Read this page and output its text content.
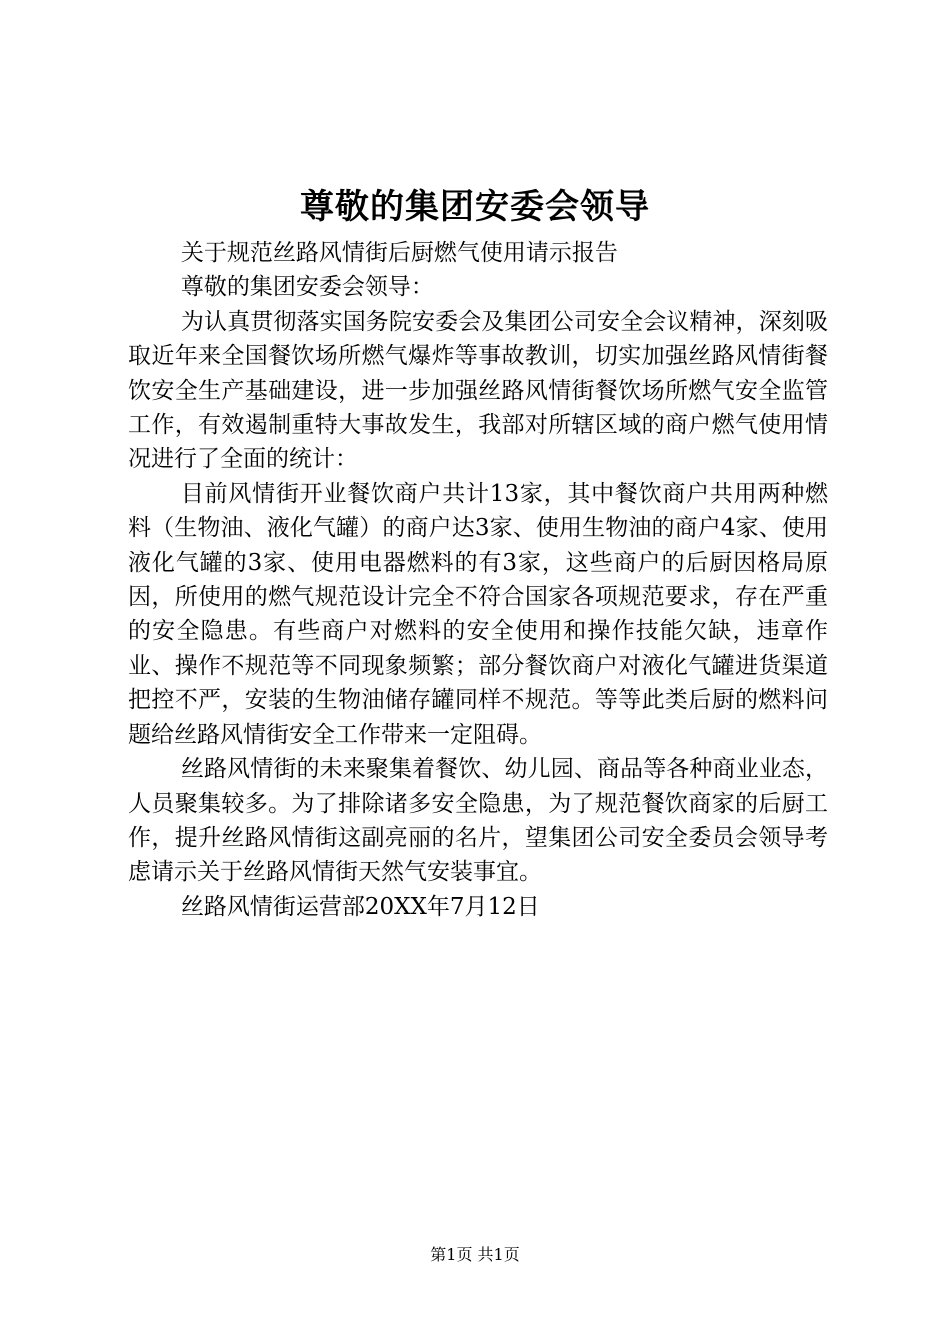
尊敬的集团安委会领导

关于规范丝路风情街后厨燃气使用请示报告

尊敬的集团安委会领导：

为认真贯彻落实国务院安委会及集团公司安全会议精神，深刻吸取近年来全国餐饮场所燃气爆炸等事故教训，切实加强丝路风情街餐饮安全生产基础建设，进一步加强丝路风情街餐饮场所燃气安全监管工作，有效遏制重特大事故发生，我部对所辖区域的商户燃气使用情况进行了全面的统计：

目前风情街开业餐饮商户共计13家，其中餐饮商户共用两种燃料（生物油、液化气罐）的商户达3家、使用生物油的商户4家、使用液化气罐的3家、使用电器燃料的有3家，这些商户的后厨因格局原因，所使用的燃气规范设计完全不符合国家各项规范要求，存在严重的安全隐患。有些商户对燃料的安全使用和操作技能欠缺，违章作业、操作不规范等不同现象频繁；部分餐饮商户对液化气罐进货渠道把控不严，安装的生物油储存罐同样不规范。等等此类后厨的燃料问题给丝路风情街安全工作带来一定阻碍。

丝路风情街的未来聚集着餐饮、幼儿园、商品等各种商业业态，人员聚集较多。为了排除诸多安全隐患，为了规范餐饮商家的后厨工作，提升丝路风情街这副亮丽的名片，望集团公司安全委员会领导考虑请示关于丝路风情街天然气安装事宜。

丝路风情街运营部20XX年7月12日

第1页 共1页
